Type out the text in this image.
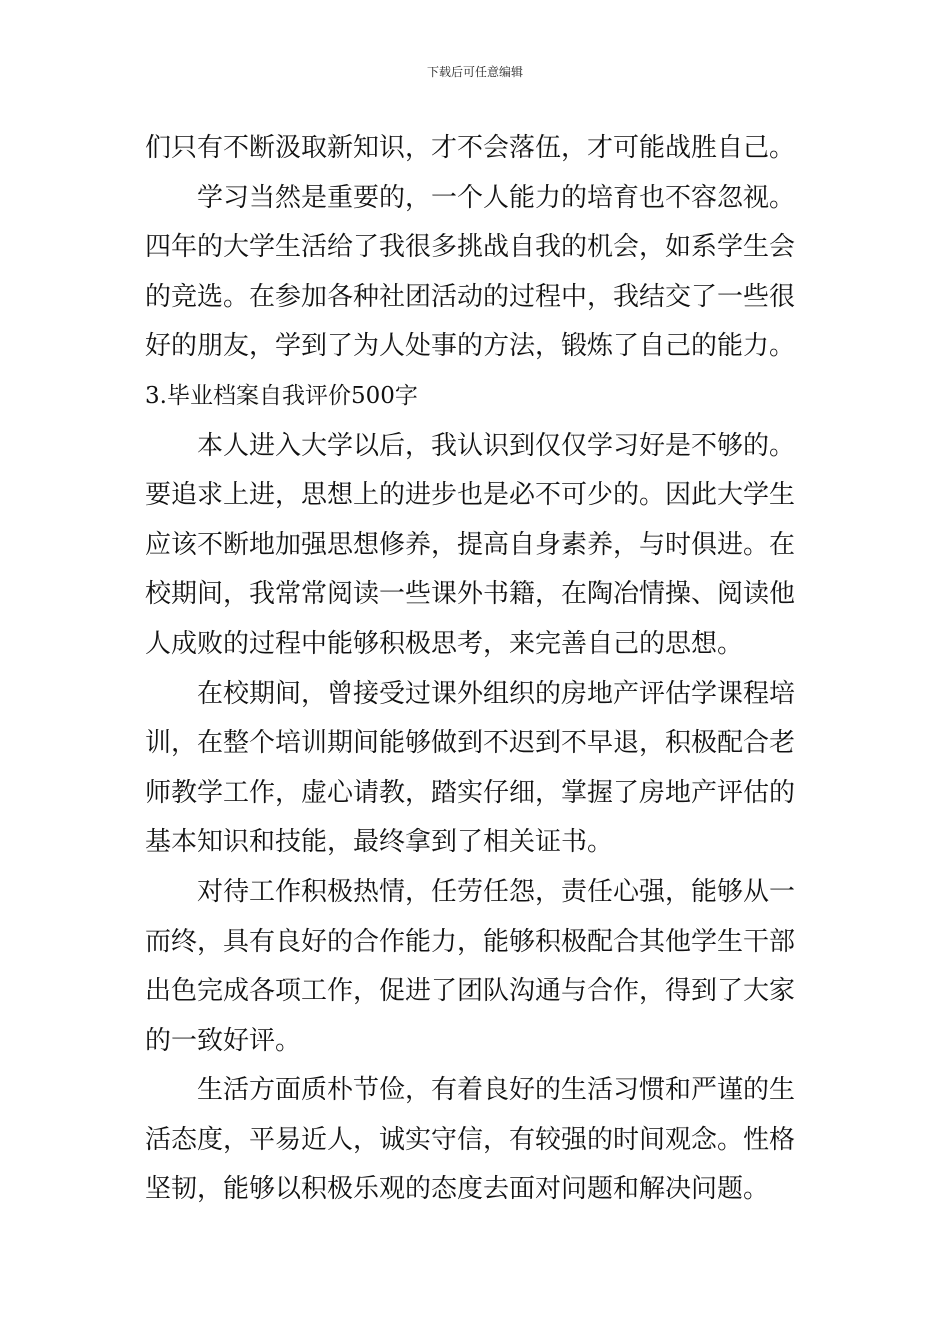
下载后可任意编辑
们只有不断汲取新知识，才不会落伍，才可能战胜自己。
学习当然是重要的，一个人能力的培育也不容忽视。
四年的大学生活给了我很多挑战自我的机会，如系学生会
的竞选。在参加各种社团活动的过程中，我结交了一些很
好的朋友，学到了为人处事的方法，锻炼了自己的能力。
3.毕业档案自我评价500字
本人进入大学以后，我认识到仅仅学习好是不够的。
要追求上进，思想上的进步也是必不可少的。因此大学生
应该不断地加强思想修养，提高自身素养，与时俱进。在
校期间，我常常阅读一些课外书籍，在陶冶情操、阅读他
人成败的过程中能够积极思考，来完善自己的思想。
在校期间，曾接受过课外组织的房地产评估学课程培
训，在整个培训期间能够做到不迟到不早退，积极配合老
师教学工作，虚心请教，踏实仔细，掌握了房地产评估的
基本知识和技能，最终拿到了相关证书。
对待工作积极热情，任劳任怨，责任心强，能够从一
而终，具有良好的合作能力，能够积极配合其他学生干部
出色完成各项工作，促进了团队沟通与合作，得到了大家
的一致好评。
生活方面质朴节俭，有着良好的生活习惯和严谨的生
活态度，平易近人，诚实守信，有较强的时间观念。性格
坚韧，能够以积极乐观的态度去面对问题和解决问题。
